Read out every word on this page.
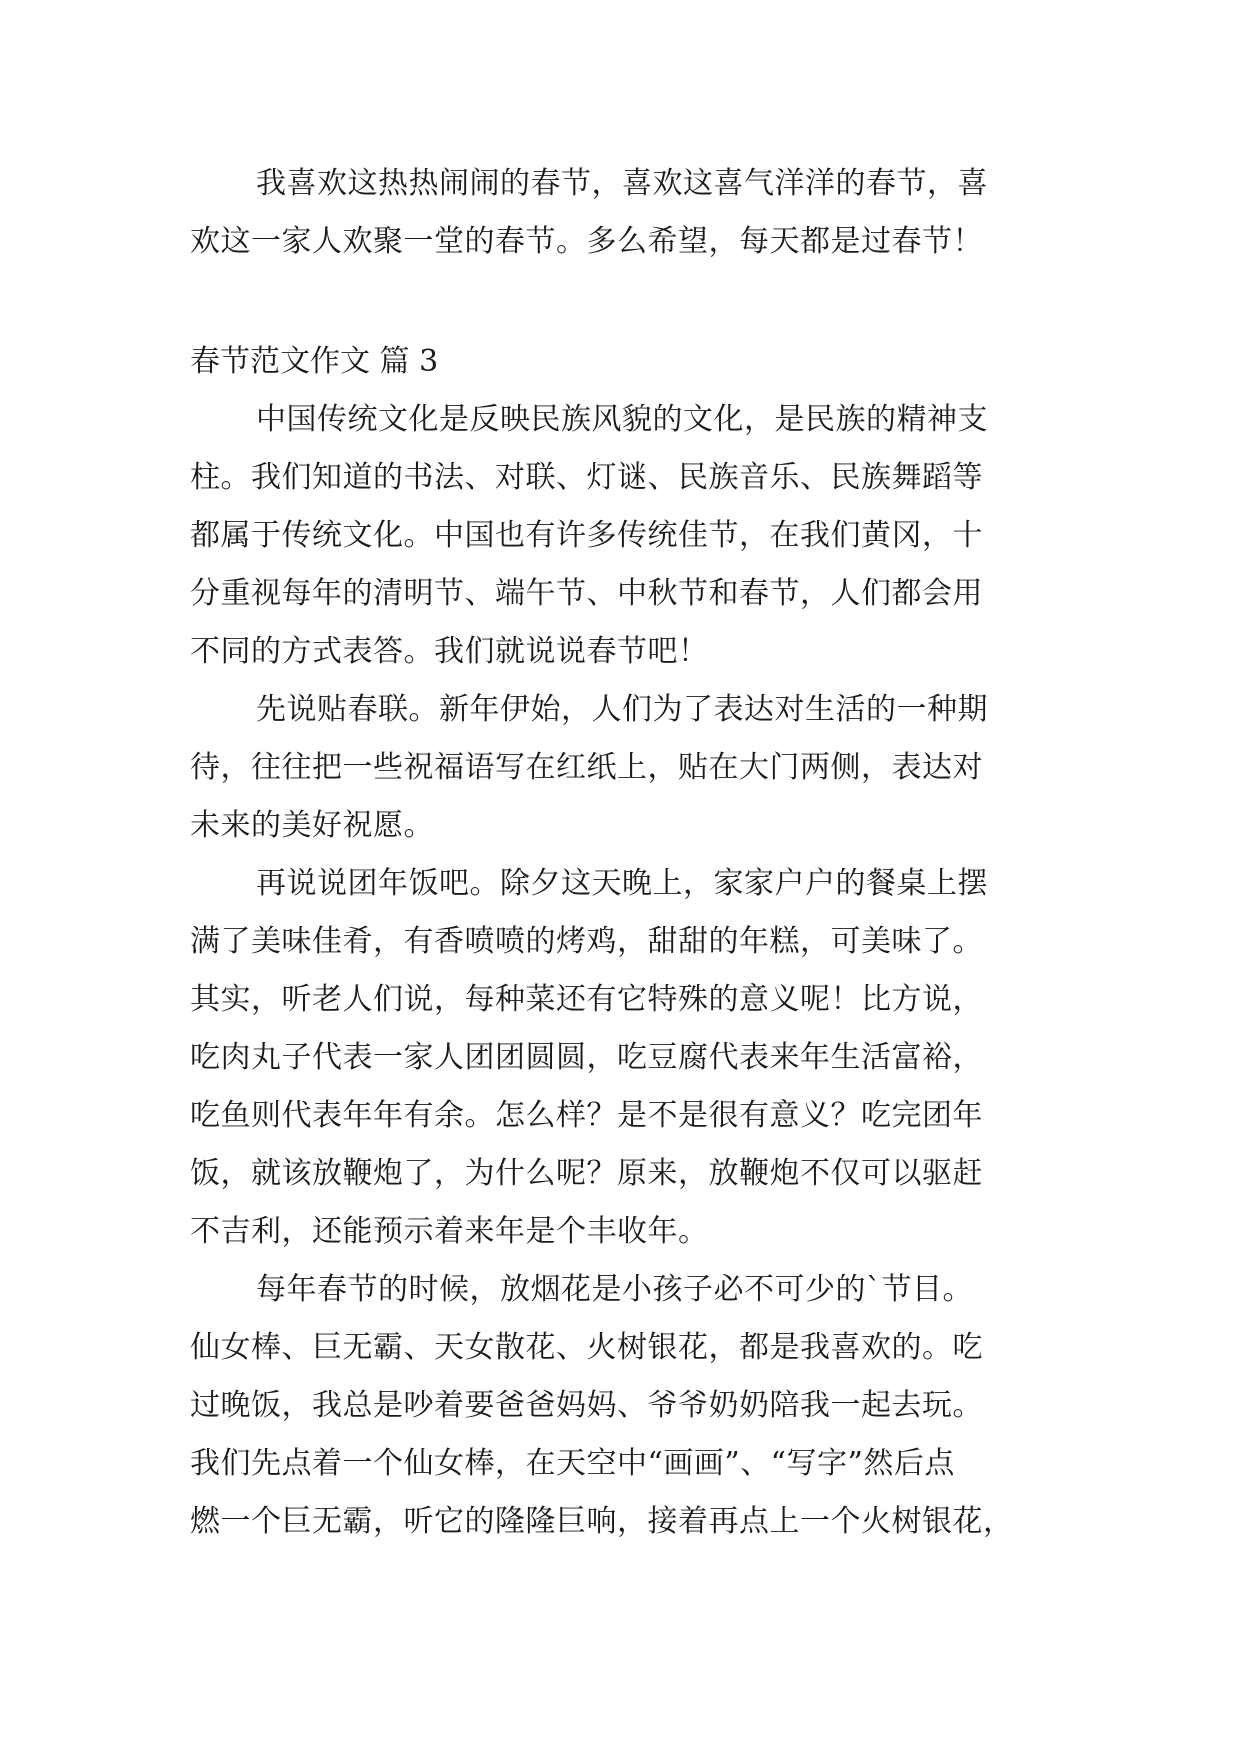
我喜欢这热热闹闹的春节，喜欢这喜气洋洋的春节，喜
欢这一家人欢聚一堂的春节。多么希望，每天都是过春节！
春节范文作文 篇 3
中国传统文化是反映民族风貌的文化，是民族的精神支
柱。我们知道的书法、对联、灯谜、民族音乐、民族舞蹈等
都属于传统文化。中国也有许多传统佳节，在我们黄冈，十
分重视每年的清明节、端午节、中秋节和春节，人们都会用
不同的方式表答。我们就说说春节吧！
先说贴春联。新年伊始，人们为了表达对生活的一种期
待，往往把一些祝福语写在红纸上，贴在大门两侧，表达对
未来的美好祝愿。
再说说团年饭吧。除夕这天晚上，家家户户的餐桌上摆
满了美味佳肴，有香喷喷的烤鸡，甜甜的年糕，可美味了。
其实，听老人们说，每种菜还有它特殊的意义呢！比方说，
吃肉丸子代表一家人团团圆圆，吃豆腐代表来年生活富裕，
吃鱼则代表年年有余。怎么样？是不是很有意义？吃完团年
饭，就该放鞭炮了，为什么呢？原来，放鞭炮不仅可以驱赶
不吉利，还能预示着来年是个丰收年。
每年春节的时候，放烟花是小孩子必不可少的`节目。
仙女棒、巨无霸、天女散花、火树银花，都是我喜欢的。吃
过晚饭，我总是吵着要爸爸妈妈、爷爷奶奶陪我一起去玩。
我们先点着一个仙女棒，在天空中“画画”、“写字”然后点
燃一个巨无霸，听它的隆隆巨响，接着再点上一个火树银花，
